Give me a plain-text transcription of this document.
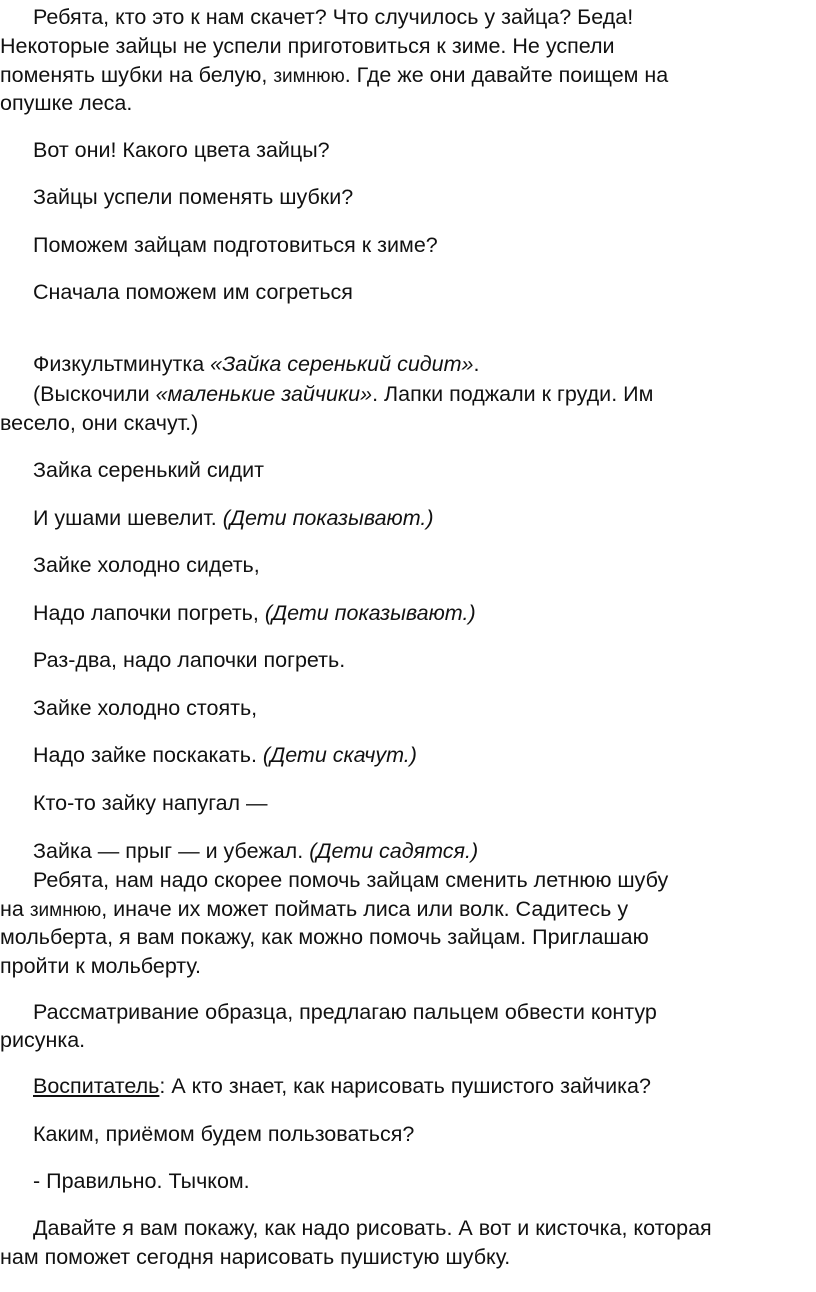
Ребята, кто это к нам скачет? Что случилось у зайца? Беда!
Некоторые зайцы не успели приготовиться к зиме. Не успели
поменять шубки на белую, зимнюю. Где же они давайте поищем на
опушке леса.
Вот они! Какого цвета зайцы?
Зайцы успели поменять шубки?
Поможем зайцам подготовиться к зиме?
Сначала поможем им согреться
Физкультминутка «Зайка серенький сидит».
(Выскочили «маленькие зайчики». Лапки поджали к груди. Им
весело, они скачут.)
Зайка серенький сидит
И ушами шевелит. (Дети показывают.)
Зайке холодно сидеть,
Надо лапочки погреть, (Дети показывают.)
Раз-два, надо лапочки погреть.
Зайке холодно стоять,
Надо зайке поскакать. (Дети скачут.)
Кто-то зайку напугал —
Зайка — прыг — и убежал. (Дети садятся.)
Ребята, нам надо скорее помочь зайцам сменить летнюю шубу
на зимнюю, иначе их может поймать лиса или волк. Садитесь у
мольберта, я вам покажу, как можно помочь зайцам. Приглашаю
пройти к мольберту.
Рассматривание образца, предлагаю пальцем обвести контур
рисунка.
Воспитатель: А кто знает, как нарисовать пушистого зайчика?
Каким, приёмом будем пользоваться?
- Правильно. Тычком.
Давайте я вам покажу, как надо рисовать. А вот и кисточка, которая
нам поможет сегодня нарисовать пушистую шубку.
